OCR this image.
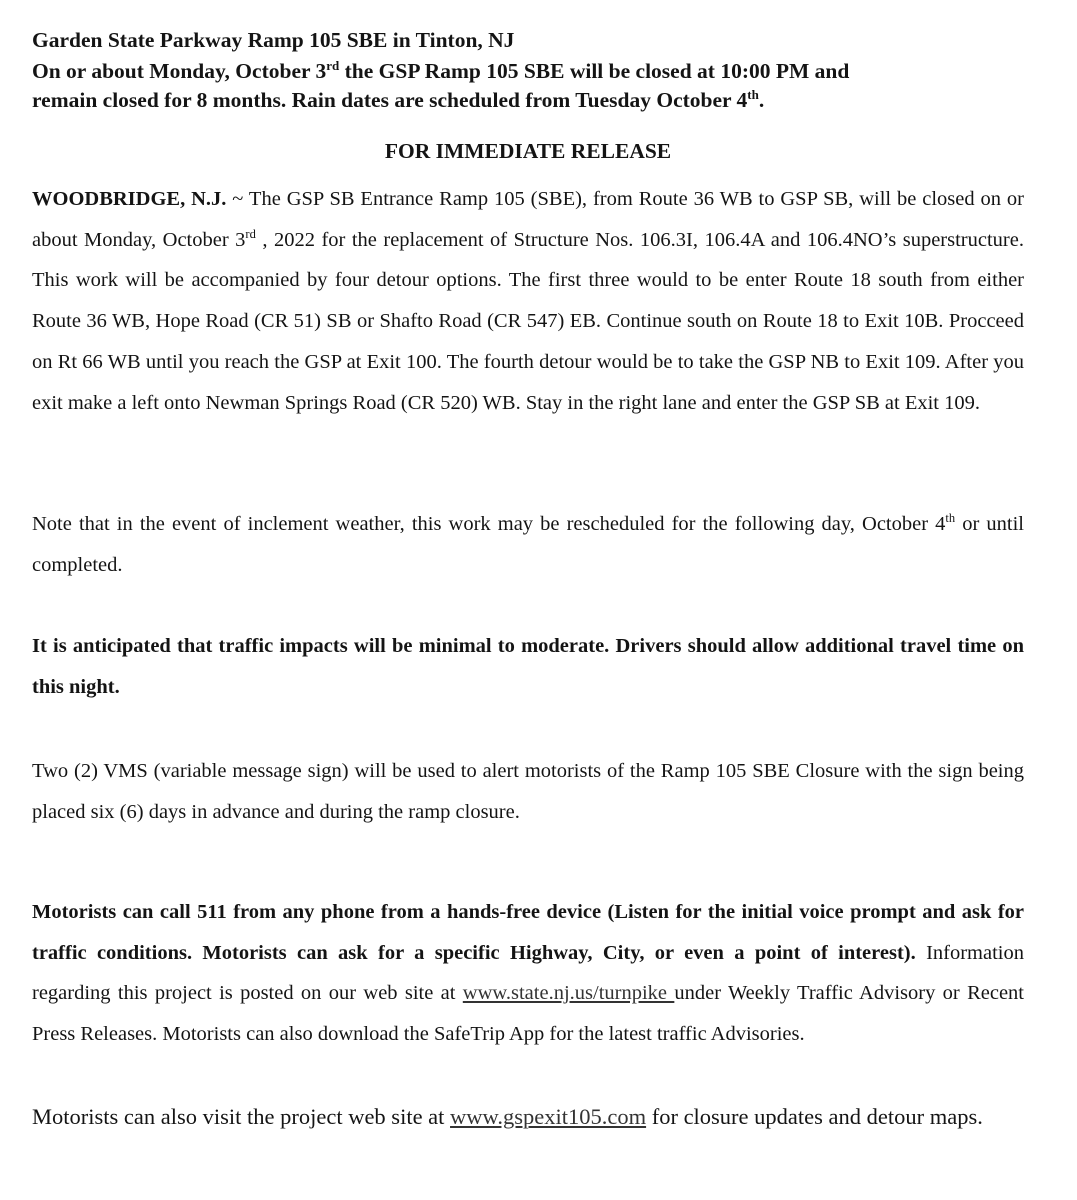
Garden State Parkway Ramp 105 SBE in Tinton, NJ
On or about Monday, October 3rd the GSP Ramp 105 SBE will be closed at 10:00 PM and
remain closed for 8 months. Rain dates are scheduled from Tuesday October 4th.
FOR IMMEDIATE RELEASE
WOODBRIDGE, N.J. ~ The GSP SB Entrance Ramp 105 (SBE), from Route 36 WB to GSP SB, will be closed on or about Monday, October 3rd , 2022 for the replacement of Structure Nos. 106.3I, 106.4A and 106.4NO’s superstructure. This work will be accompanied by four detour options. The first three would to be enter Route 18 south from either Route 36 WB, Hope Road (CR 51) SB or Shafto Road (CR 547) EB. Continue south on Route 18 to Exit 10B. Procceed on Rt 66 WB until you reach the GSP at Exit 100. The fourth detour would be to take the GSP NB to Exit 109. After you exit make a left onto Newman Springs Road (CR 520) WB. Stay in the right lane and enter the GSP SB at Exit 109.
Note that in the event of inclement weather, this work may be rescheduled for the following day, October 4th or until completed.
It is anticipated that traffic impacts will be minimal to moderate. Drivers should allow additional travel time on this night.
Two (2) VMS (variable message sign) will be used to alert motorists of the Ramp 105 SBE Closure with the sign being placed six (6) days in advance and during the ramp closure.
Motorists can call 511 from any phone from a hands-free device (Listen for the initial voice prompt and ask for traffic conditions. Motorists can ask for a specific Highway, City, or even a point of interest). Information regarding this project is posted on our web site at www.state.nj.us/turnpike under Weekly Traffic Advisory or Recent Press Releases. Motorists can also download the SafeTrip App for the latest traffic Advisories.
Motorists can also visit the project web site at www.gspexit105.com for closure updates and detour maps.
